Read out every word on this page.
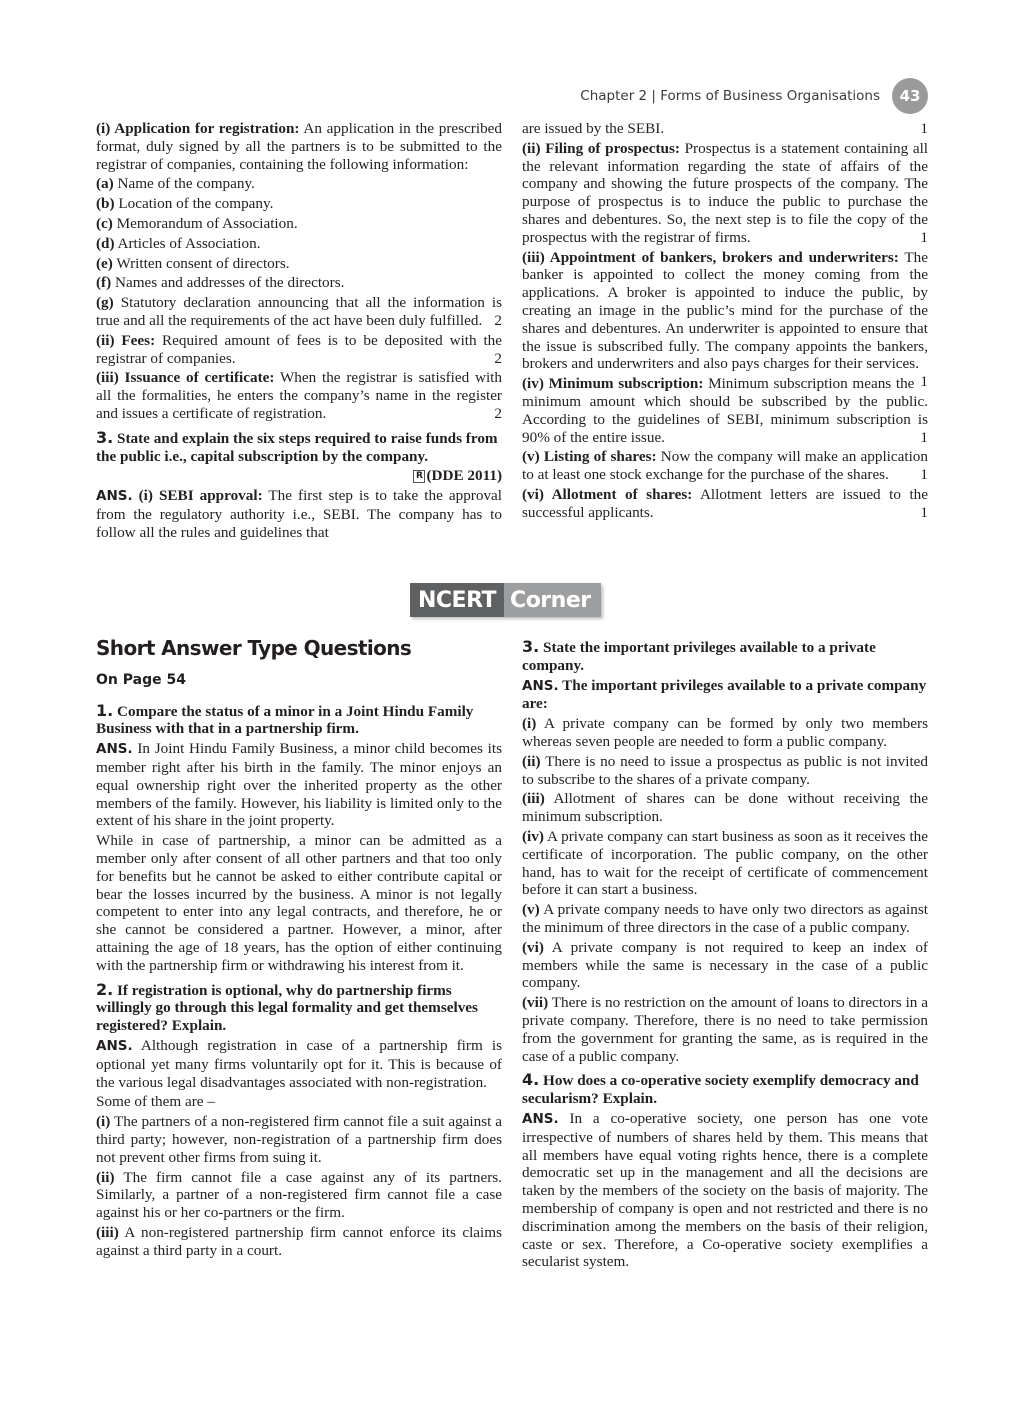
Chapter 2 | Forms of Business Organisations	43

(i) Application for registration: An application in the prescribed format, duly signed by all the partners is to be submitted to the registrar of companies, containing the following information:

(a) Name of the company.

(b) Location of the company.

(c) Memorandum of Association.

(d) Articles of Association.

(e) Written consent of directors.

(f) Names and addresses of the directors.

(g) Statutory declaration announcing that all the information is true and all the requirements of the act have been duly fulfilled. 2

(ii) Fees: Required amount of fees is to be deposited with the registrar of companies.	2

(iii) Issuance of certificate: When the registrar is satisfied with all the formalities, he enters the company’s name in the register and issues a certificate of registration.	2

3. State and explain the six steps required to raise funds from the public i.e., capital subscription by the company.

R (DDE 2011)

ANS. (i) SEBI approval: The first step is to take the approval from the regulatory authority i.e., SEBI. The company has to follow all the rules and guidelines that

are issued by the SEBI.	1

(ii) Filing of prospectus: Prospectus is a statement containing all the relevant information regarding the state of affairs of the company and showing the future prospects of the company. The purpose of prospectus is to induce the public to purchase the shares and debentures. So, the next step is to file the copy of the prospectus with the registrar of firms.	1

(iii) Appointment of bankers, brokers and underwriters: The banker is appointed to collect the money coming from the applications. A broker is appointed to induce the public, by creating an image in the public’s mind for the purchase of the shares and debentures. An underwriter is appointed to ensure that the issue is subscribed fully. The company appoints the bankers, brokers and underwriters and also pays charges for their services.
1

(iv) Minimum subscription: Minimum subscription means the minimum amount which should be subscribed by the public. According to the guidelines of SEBI, minimum subscription is 90% of the entire issue.	1

(v) Listing of shares: Now the company will make an application to at least one stock exchange for the purchase of the shares.	1

(vi) Allotment of shares: Allotment letters are issued to the successful applicants.	1

NCERT Corner
Short Answer Type Questions
On Page 54

1. Compare the status of a minor in a Joint Hindu Family Business with that in a partnership firm.

ANS. In Joint Hindu Family Business, a minor child becomes its member right after his birth in the family. The minor enjoys an equal ownership right over the inherited property as the other members of the family. However, his liability is limited only to the extent of his share in the joint property.

While in case of partnership, a minor can be admitted as a member only after consent of all other partners and that too only for benefits but he cannot be asked to either contribute capital or bear the losses incurred by the business. A minor is not legally competent to enter into any legal contracts, and therefore, he or she cannot be considered a partner. However, a minor, after attaining the age of 18 years, has the option of either continuing with the partnership firm or withdrawing his interest from it.

2. If registration is optional, why do partnership firms willingly go through this legal formality and get themselves registered? Explain.

ANS. Although registration in case of a partnership firm is optional yet many firms voluntarily opt for it. This is because of the various legal disadvantages associated with non-registration.

Some of them are –

(i) The partners of a non-registered firm cannot file a suit against a third party; however, non-registration of a partnership firm does not prevent other firms from suing it.

(ii) The firm cannot file a case against any of its partners. Similarly, a partner of a non-registered firm cannot file a case against his or her co-partners or the firm.

(iii) A non-registered partnership firm cannot enforce its claims against a third party in a court.

3. State the important privileges available to a private company.

ANS. The important privileges available to a private company are:

(i) A private company can be formed by only two members whereas seven people are needed to form a public company.

(ii) There is no need to issue a prospectus as public is not invited to subscribe to the shares of a private company.

(iii) Allotment of shares can be done without receiving the minimum subscription.

(iv) A private company can start business as soon as it receives the certificate of incorporation. The public company, on the other hand, has to wait for the receipt of certificate of commencement before it can start a business.

(v) A private company needs to have only two directors as against the minimum of three directors in the case of a public company.

(vi) A private company is not required to keep an index of members while the same is necessary in the case of a public company.

(vii) There is no restriction on the amount of loans to directors in a private company. Therefore, there is no need to take permission from the government for granting the same, as is required in the case of a public company.

4. How does a co-operative society exemplify democracy and secularism? Explain.

ANS. In a co-operative society, one person has one vote irrespective of numbers of shares held by them. This means that all members have equal voting rights hence, there is a complete democratic set up in the management and all the decisions are taken by the members of the society on the basis of majority. The membership of company is open and not restricted and there is no discrimination among the members on the basis of their religion, caste or sex. Therefore, a Co-operative society exemplifies a secularist system.
